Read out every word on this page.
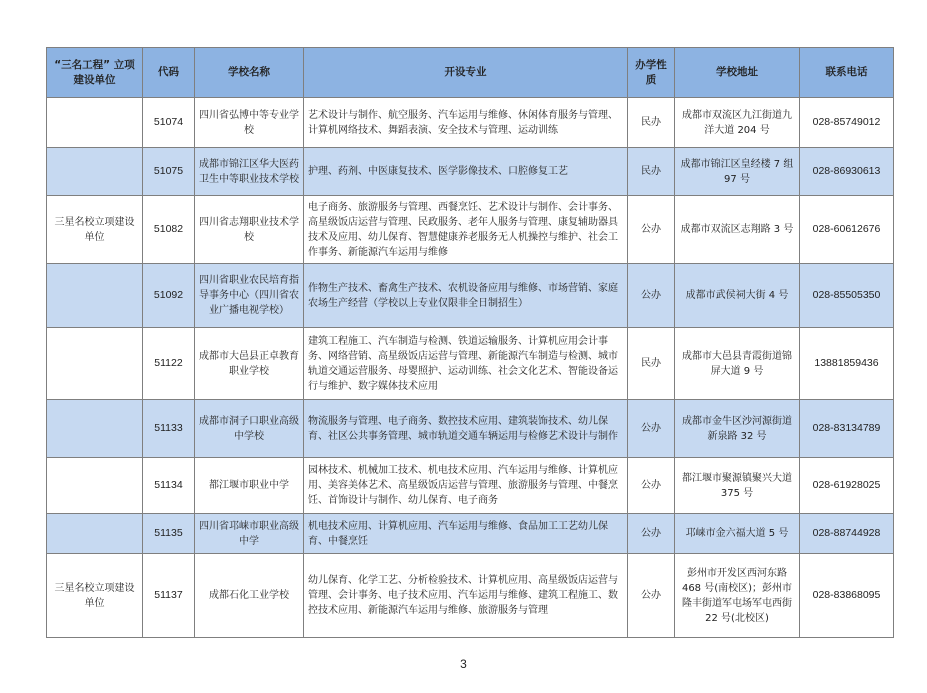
“三名工程” 立项建设单位	代码	学校名称	开设专业	办学性质	学校地址	联系电话
	51074	四川省弘博中等专业学校	艺术设计与制作、航空服务、汽车运用与维修、休闲体育服务与管理、计算机网络技术、舞蹈表演、安全技术与管理、运动训练	民办	成都市双流区九江街道九洋大道 204 号	028-85749012
	51075	成都市锦江区华大医药卫生中等职业技术学校	护理、药剂、中医康复技术、医学影像技术、口腔修复工艺	民办	成都市锦江区皇经楼 7 组 97 号	028-86930613
三星名校立项建设单位	51082	四川省志翔职业技术学校	电子商务、旅游服务与管理、西餐烹饪、艺术设计与制作、会计事务、高星级饭店运营与管理、民政服务、老年人服务与管理、康复辅助器具技术及应用、幼儿保育、智慧健康养老服务无人机操控与维护、社会工作事务、新能源汽车运用与维修	公办	成都市双流区志翔路 3 号	028-60612676
	51092	四川省职业农民培育指导事务中心（四川省农业广播电视学校）	作物生产技术、畜禽生产技术、农机设备应用与维修、市场营销、家庭农场生产经营（学校以上专业仅限非全日制招生）	公办	成都市武侯祠大街 4 号	028-85505350
	51122	成都市大邑县正卓教育职业学校	建筑工程施工、汽车制造与检测、铁道运输服务、计算机应用会计事务、网络营销、高星级饭店运营与管理、新能源汽车制造与检测、城市轨道交通运营服务、母婴照护、运动训练、社会文化艺术、智能设备运行与维护、数字媒体技术应用	民办	成都市大邑县青霞街道锦屏大道 9 号	13881859436
	51133	成都市洞子口职业高级中学校	物流服务与管理、电子商务、数控技术应用、建筑装饰技术、幼儿保育、社区公共事务管理、城市轨道交通车辆运用与检修艺术设计与制作	公办	成都市金牛区沙河源街道新泉路 32 号	028-83134789
	51134	都江堰市职业中学	园林技术、机械加工技术、机电技术应用、汽车运用与维修、计算机应用、美容美体艺术、高星级饭店运营与管理、旅游服务与管理、中餐烹饪、首饰设计与制作、幼儿保育、电子商务	公办	都江堰市聚源镇聚兴大道 375 号	028-61928025
	51135	四川省邛崃市职业高级中学	机电技术应用、计算机应用、汽车运用与维修、食品加工工艺幼儿保育、中餐烹饪	公办	邛崃市金六福大道 5 号	028-88744928
三星名校立项建设单位	51137	成都石化工业学校	幼儿保育、化学工艺、分析检验技术、计算机应用、高星级饭店运营与管理、会计事务、电子技术应用、汽车运用与维修、建筑工程施工、数控技术应用、新能源汽车运用与维修、旅游服务与管理	公办	彭州市开发区西河东路 468 号(南校区)；彭州市隆丰街道军屯场军屯西街 22 号(北校区)	028-83868095
3
